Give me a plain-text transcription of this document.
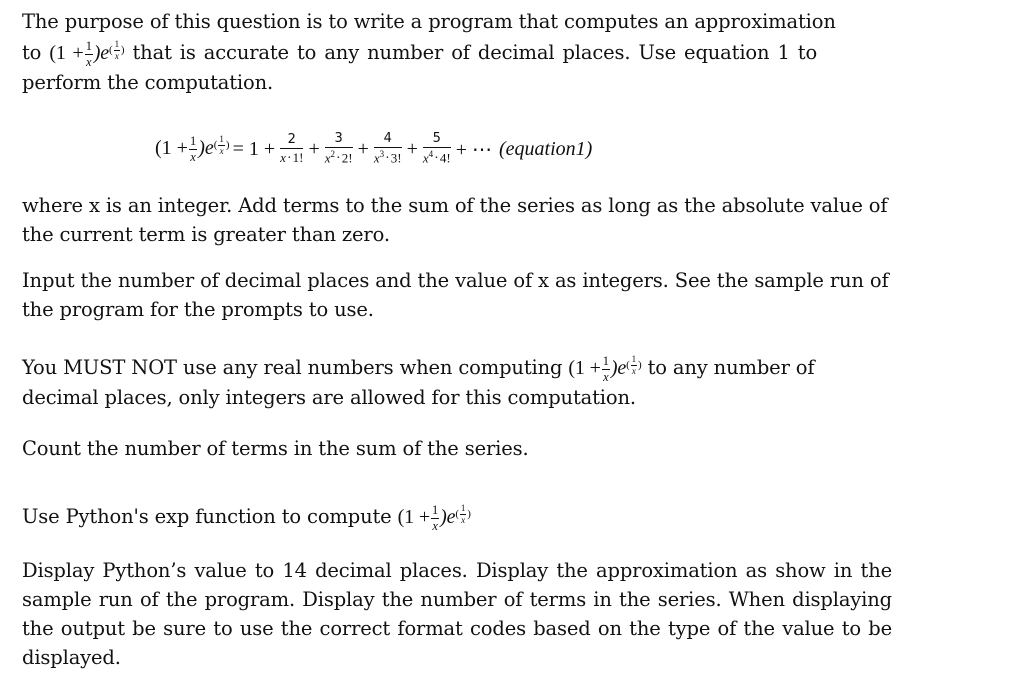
The purpose of this question is to write a program that computes an approximation
to $(1 + \frac{1}{x} )e( \frac{1}{x}$ ) that is accurate to any number of decimal places. Use equation 1 to
perform the computation.
$(1 + \frac{1}{x} )e( \frac{1}{x}$ ) = $1 + \frac{2}{x\cdot 1!} + \frac{3}{x^2\cdot 2!} + \frac{4}{x^3\cdot 3!} + \frac{5}{x^4\cdot 4!}$ + ⋯ (equation1)
where x is an integer. Add terms to the sum of the series as long as the absolute value of the current term is greater than zero.
Input the number of decimal places and the value of x as integers. See the sample run of the program for the prompts to use.
You MUST NOT use any real numbers when computing $(1 + \frac{1}{x} )e( \frac{1}{x}$ ) to any number of
decimal places, only integers are allowed for this computation.
Count the number of terms in the sum of the series.
Use Python's exp function to compute $(1 + \frac{1}{x} )e( \frac{1}{x}$ )
Display Python’s value to 14 decimal places. Display the approximation as show in the sample run of the program. Display the number of terms in the series. When displaying the output be sure to use the correct format codes based on the type of the value to be displayed.
